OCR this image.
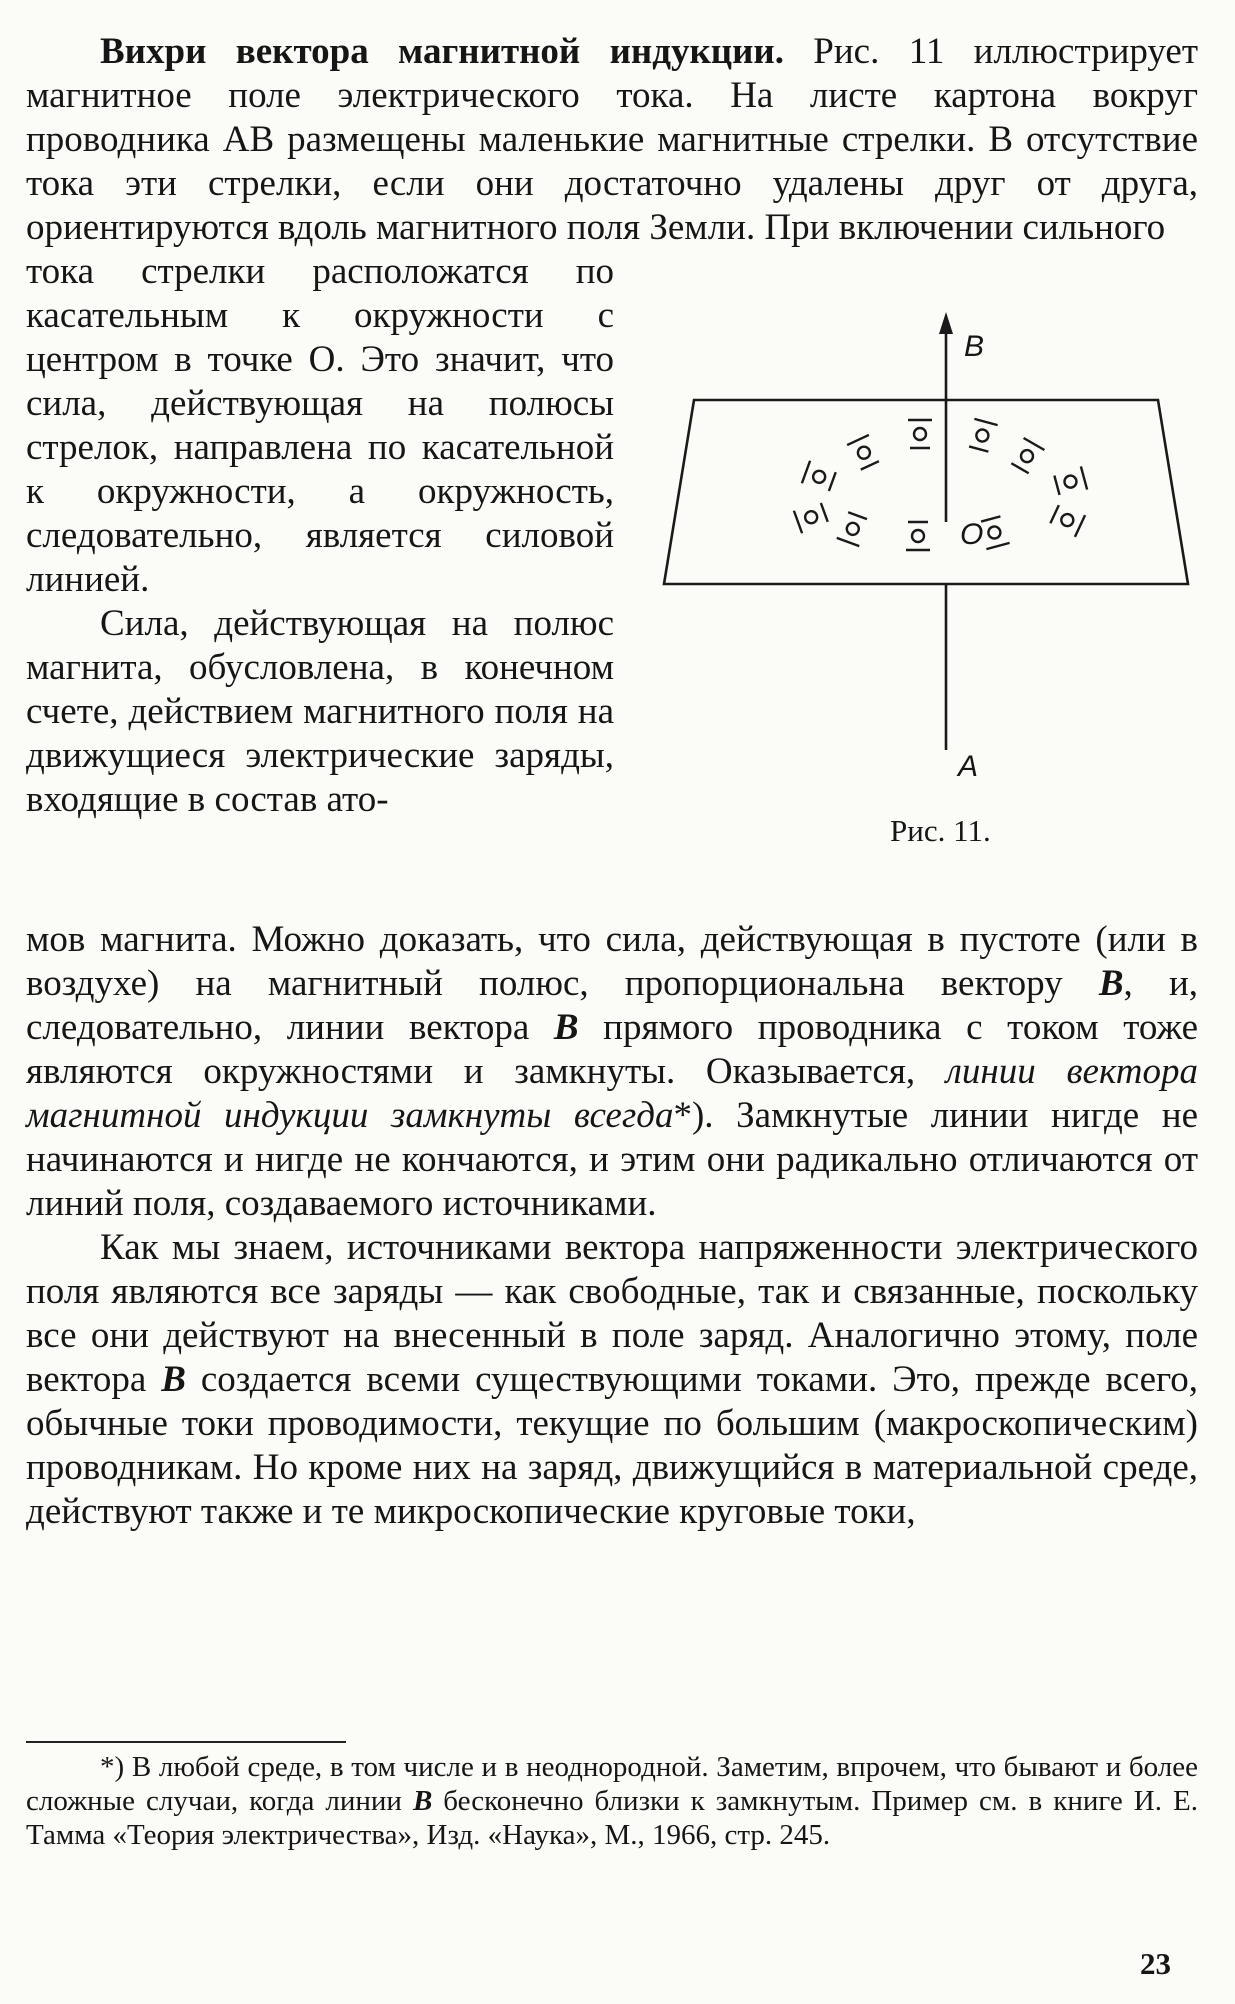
Вихри вектора магнитной индукции. Рис. 11 иллюстрирует магнитное поле электрического тока. На листе картона вокруг проводника AB размещены маленькие магнитные стрелки. В отсутствие тока эти стрелки, если они достаточно удалены друг от друга, ориентируются вдоль магнитного поля Земли. При включении сильного

тока стрелки расположатся по касательным к окружности с центром в точке O. Это значит, что сила, действующая на полюсы стрелок, направлена по касательной к окружности, а окружность, следовательно, является силовой линией.

Сила, действующая на полюс магнита, обусловлена, в конечном счете, действием магнитного поля на движущиеся электрические заряды, входящие в состав ато-

B
O
A
Рис. 11.

мов магнита. Можно доказать, что сила, действующая в пустоте (или в воздухе) на магнитный полюс, пропорциональна вектору B, и, следовательно, линии вектора B прямого проводника с током тоже являются окружностями и замкнуты. Оказывается, линии вектора магнитной индукции замкнуты всегда*). Замкнутые линии нигде не начинаются и нигде не кончаются, и этим они радикально отличаются от линий поля, создаваемого источниками.

Как мы знаем, источниками вектора напряженности электрического поля являются все заряды — как свободные, так и связанные, поскольку все они действуют на внесенный в поле заряд. Аналогично этому, поле вектора B создается всеми существующими токами. Это, прежде всего, обычные токи проводимости, текущие по большим (макроскопическим) проводникам. Но кроме них на заряд, движущийся в материальной среде, действуют также и те микроскопические круговые токи,

*) В любой среде, в том числе и в неоднородной. Заметим, впрочем, что бывают и более сложные случаи, когда линии B бесконечно близки к замкнутым. Пример см. в книге И. Е. Тамма «Теория электричества», Изд. «Наука», М., 1966, стр. 245.

23
